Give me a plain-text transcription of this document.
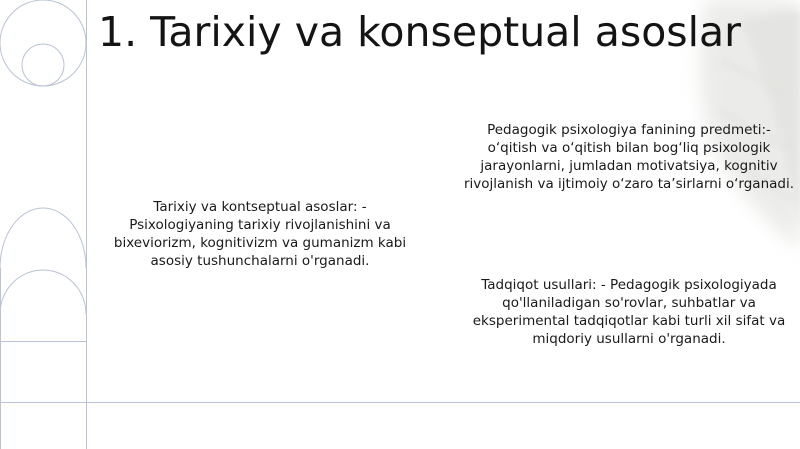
1. Tarixiy va konseptual asoslar

Tarixiy va kontseptual asoslar: - Psixologiyaning tarixiy rivojlanishini va bixeviorizm, kognitivizm va gumanizm kabi asosiy tushunchalarni o'rganadi.

Pedagogik psixologiya fanining predmeti:- o‘qitish va o‘qitish bilan bog‘liq psixologik jarayonlarni, jumladan motivatsiya, kognitiv rivojlanish va ijtimoiy o‘zaro ta’sirlarni o‘rganadi.

Tadqiqot usullari: - Pedagogik psixologiyada qo'llaniladigan so'rovlar, suhbatlar va eksperimental tadqiqotlar kabi turli xil sifat va miqdoriy usullarni o'rganadi.
